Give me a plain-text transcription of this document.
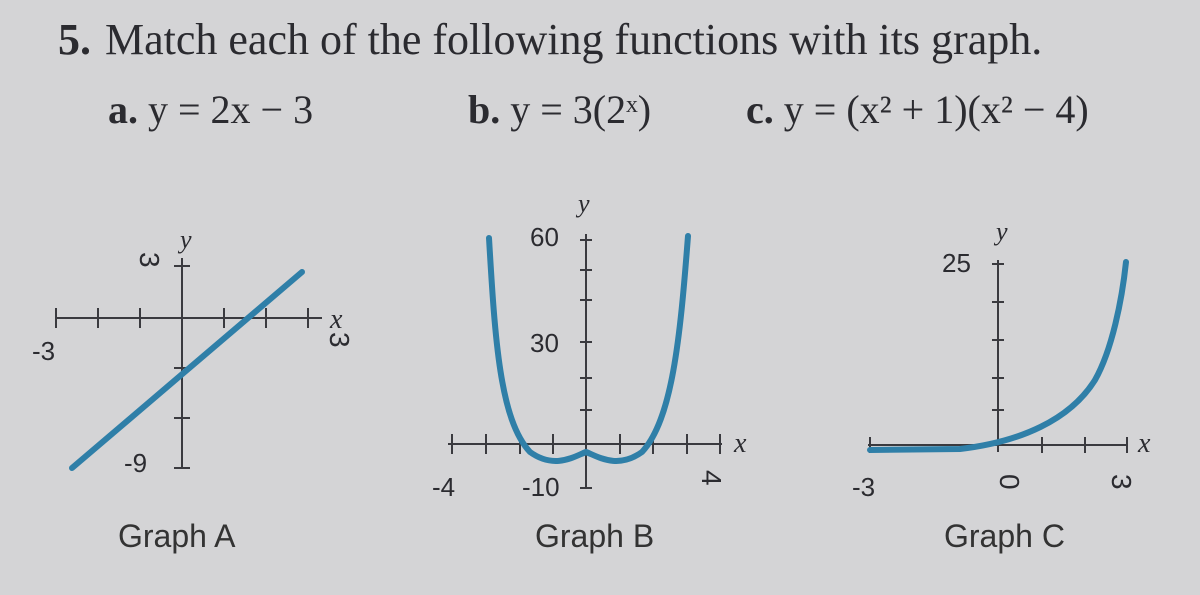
5. Match each of the following functions with its graph.
a. y = 2x − 3	b. y = 3(2ˣ) c. y = (x² + 1)(x² − 4)
y
x
-3	3
3
-9
y
x
60
30
-10
-4	4
y
x
25
-3	0	3
Graph A	Graph B	Graph C
